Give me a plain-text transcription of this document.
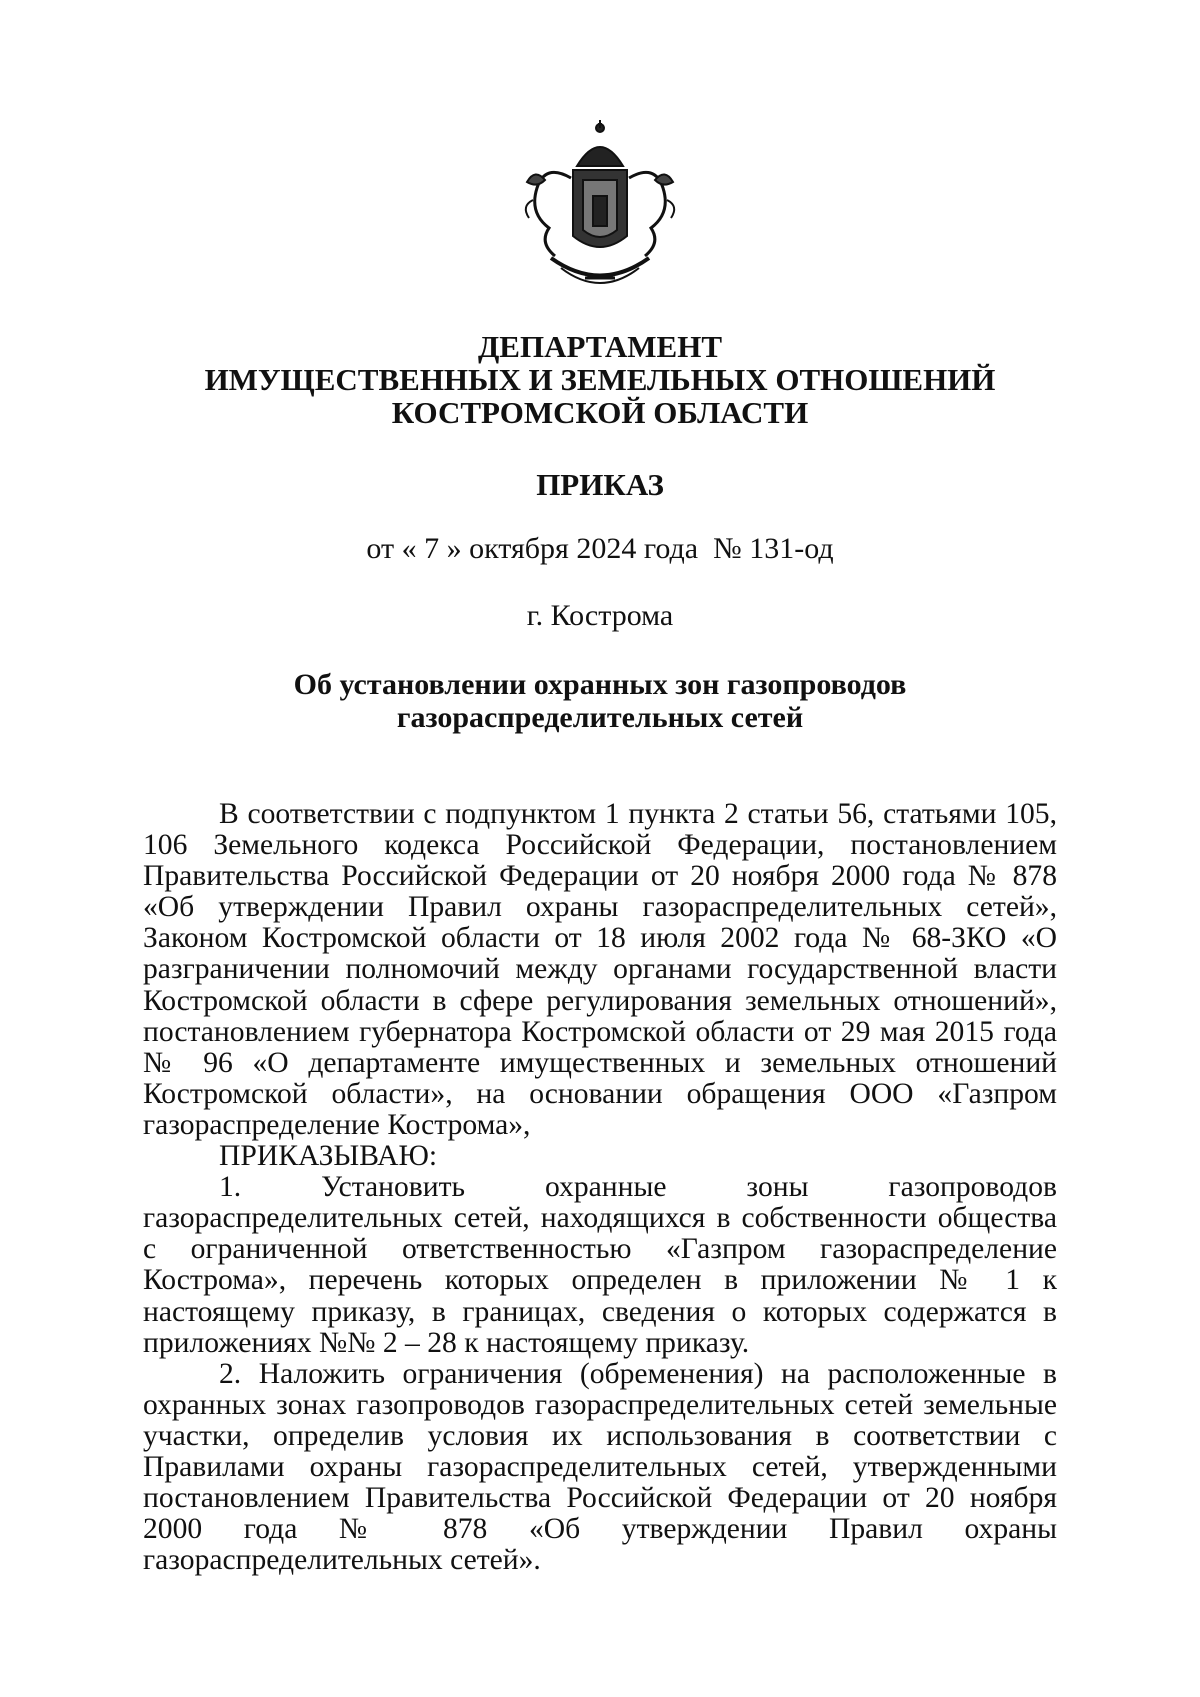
ДЕПАРТАМЕНТ
ИМУЩЕСТВЕННЫХ И ЗЕМЕЛЬНЫХ ОТНОШЕНИЙ
КОСТРОМСКОЙ ОБЛАСТИ
ПРИКАЗ
от « 7 » октября 2024 года  № 131-од
г. Кострома
Об установлении охранных зон газопроводов
газораспределительных сетей

В соответствии с подпунктом 1 пункта 2 статьи 56, статьями 105, 106 Земельного кодекса Российской Федерации, постановлением Правительства Российской Федерации от 20 ноября 2000 года № 878 «Об утверждении Правил охраны газораспределительных сетей», Законом Костромской области от 18 июля 2002 года № 68-ЗКО «О разграничении полномочий между органами государственной власти Костромской области в сфере регулирования земельных отношений», постановлением губернатора Костромской области от 29 мая 2015 года № 96 «О департаменте имущественных и земельных отношений Костромской области», на основании обращения ООО «Газпром газораспределение Кострома»,

ПРИКАЗЫВАЮ:

1. Установить охранные зоны газопроводов газораспределительных сетей, находящихся в собственности общества с ограниченной ответственностью «Газпром газораспределение Кострома», перечень которых определен в приложении № 1 к настоящему приказу, в границах, сведения о которых содержатся в приложениях №№ 2 – 28 к настоящему приказу.

2. Наложить ограничения (обременения) на расположенные в охранных зонах газопроводов газораспределительных сетей земельные участки, определив условия их использования в соответствии с Правилами охраны газораспределительных сетей, утвержденными постановлением Правительства Российской Федерации от 20 ноября 2000 года № 878 «Об утверждении Правил охраны газораспределительных сетей».
